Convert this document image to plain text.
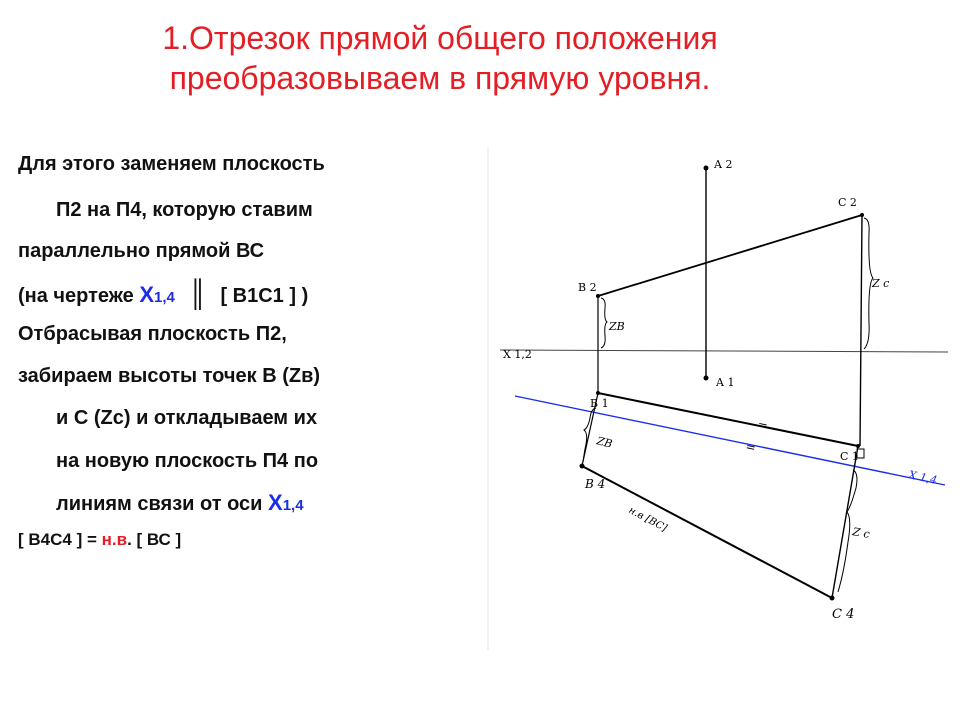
1.Отрезок прямой общего положения
преобразовываем в прямую уровня.
Для этого заменяем плоскость
П2 на П4, которую ставим
параллельно прямой ВС
(на чертеже X1,4 ║ [ В1С1 ] )
Отбрасывая плоскость П2,
забираем высоты точек В (Zв)
и С (Zс) и откладываем их
на новую плоскость П4 по
линиям связи от оси X1,4
[ В4С4 ] = н.в. [ ВС ]
A 2
A 1
B 2
C 2
B 1
C 1
B 4
C 4
X 1,2
X 1,4
ZB
Z c
ZB
Z c
н.в [BC]
=
=
